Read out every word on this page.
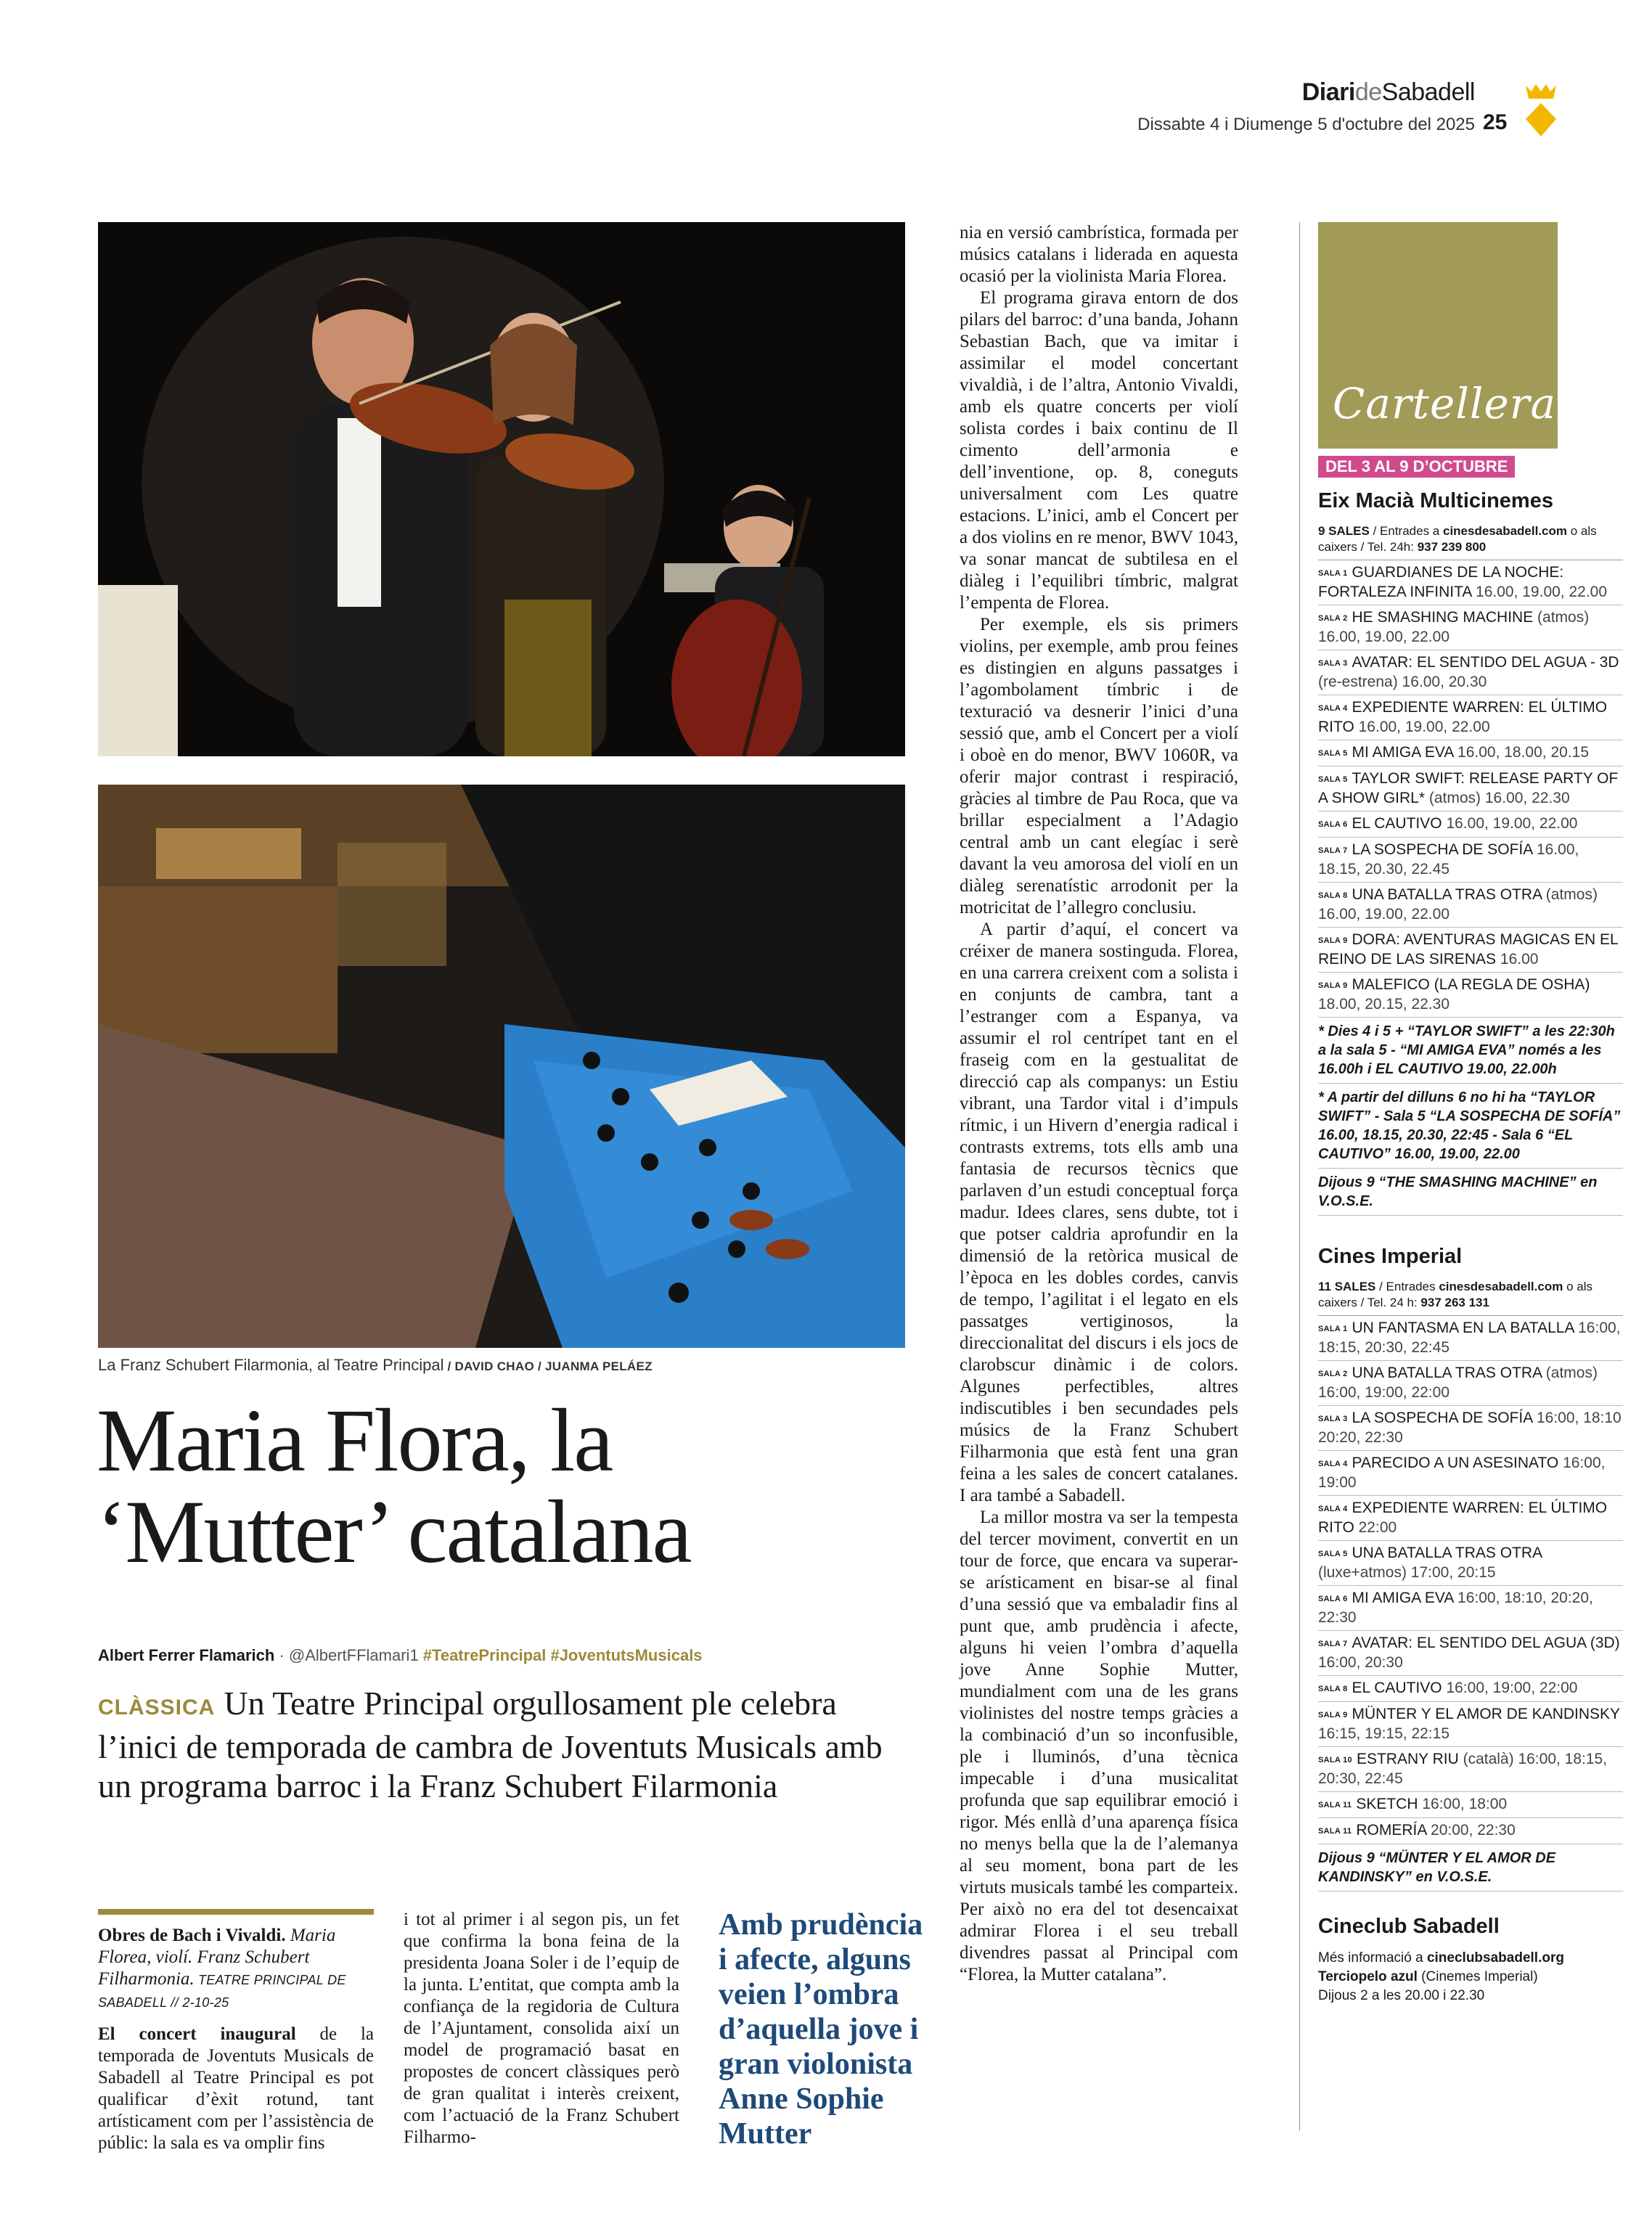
DiarideSabadell
Dissabte 4 i Diumenge 5 d'octubre del 2025 25
La Franz Schubert Filarmonia, al Teatre Principal / DAVID CHAO / JUANMA PELÁEZ
Maria Flora, la
‘Mutter’ catalana
Albert Ferrer Flamarich · @AlbertFFlamari1 #TeatrePrincipal #JoventutsMusicals
CLÀSSICA Un Teatre Principal orgullosament ple celebra l’inici de temporada de cambra de Joventuts Musicals amb un programa barroc i la Franz Schubert Filarmonia
Obres de Bach i Vivaldi. Maria Florea, violí. Franz Schubert Filharmonia. TEATRE PRINCIPAL DE SABADELL // 2-10-25

El concert inaugural de la temporada de Joventuts Musicals de Sabadell al Teatre Principal es pot qualificar d’èxit rotund, tant artísticament com per l’assistència de públic: la sala es va omplir fins

i tot al primer i al segon pis, un fet que confirma la bona feina de la presidenta Joana Soler i de l’equip de la junta. L’entitat, que compta amb la confiança de la regidoria de Cultura de l’Ajuntament, consolida així un model de programació basat en propostes de concert clàssiques però de gran qualitat i interès creixent, com l’actuació de la Franz Schubert Filharmo-

Amb prudència i afecte, alguns veien l’ombra d’aquella jove i gran violonista Anne Sophie Mutter

nia en versió cambrística, formada per músics catalans i liderada en aquesta ocasió per la violinista Maria Florea.

El programa girava entorn de dos pilars del barroc: d’una banda, Johann Sebastian Bach, que va imitar i assimilar el model concertant vivaldià, i de l’altra, Antonio Vivaldi, amb els quatre concerts per violí solista cordes i baix continu de Il cimento dell’armonia e dell’inventione, op. 8, coneguts universalment com Les quatre estacions. L’inici, amb el Concert per a dos violins en re menor, BWV 1043, va sonar mancat de subtilesa en el diàleg i l’equilibri tímbric, malgrat l’empenta de Florea.

Per exemple, els sis primers violins, per exemple, amb prou feines es distingien en alguns passatges i l’agombolament tímbric i de texturació va desnerir l’inici d’una sessió que, amb el Concert per a violí i oboè en do menor, BWV 1060R, va oferir major contrast i respiració, gràcies al timbre de Pau Roca, que va brillar especialment a l’Adagio central amb un cant elegíac i serè davant la veu amorosa del violí en un diàleg serenatístic arrodonit per la motricitat de l’allegro conclusiu.

A partir d’aquí, el concert va créixer de manera sostinguda. Florea, en una carrera creixent com a solista i en conjunts de cambra, tant a l’estranger com a Espanya, va assumir el rol centrípet tant en el fraseig com en la gestualitat de direcció cap als companys: un Estiu vibrant, una Tardor vital i d’impuls rítmic, i un Hivern d’energia radical i contrasts extrems, tots ells amb una fantasia de recursos tècnics que parlaven d’un estudi conceptual força madur. Idees clares, sens dubte, tot i que potser caldria aprofundir en la dimensió de la retòrica musical de l’època en les dobles cordes, canvis de tempo, l’agilitat i el legato en els passatges vertiginosos, la direccionalitat del discurs i els jocs de clarobscur dinàmic i de colors. Algunes perfectibles, altres indiscutibles i ben secundades pels músics de la Franz Schubert Filharmonia que està fent una gran feina a les sales de concert catalanes. I ara també a Sabadell.

La millor mostra va ser la tempesta del tercer moviment, convertit en un tour de force, que encara va superar-se arísticament en bisar-se al final d’una sessió que va embaladir fins al punt que, amb prudència i afecte, alguns hi veien l’ombra d’aquella jove Anne Sophie Mutter, mundialment com una de les grans violinistes del nostre temps gràcies a la combinació d’un so inconfusible, ple i lluminós, d’una tècnica impecable i d’una musicalitat profunda que sap equilibrar emoció i rigor. Més enllà d’una aparença física no menys bella que la de l’alemanya al seu moment, bona part de les virtuts musicals també les comparteix. Per això no era del tot desencaixat admirar Florea i el seu treball divendres passat al Principal com “Florea, la Mutter catalana”.

Cartellera
DEL 3 AL 9 D’OCTUBRE
Eix Macià Multicinemes
9 SALES / Entrades a cinesdesabadell.com o als caixers / Tel. 24h: 937 239 800
SALA 1 GUARDIANES DE LA NOCHE: FORTALEZA INFINITA 16.00, 19.00, 22.00
SALA 2 HE SMASHING MACHINE (atmos) 16.00, 19.00, 22.00
SALA 3 AVATAR: EL SENTIDO DEL AGUA - 3D (re-estrena) 16.00, 20.30
SALA 4 EXPEDIENTE WARREN: EL ÚLTIMO RITO 16.00, 19.00, 22.00
SALA 5 MI AMIGA EVA 16.00, 18.00, 20.15
SALA 5 TAYLOR SWIFT: RELEASE PARTY OF A SHOW GIRL* (atmos) 16.00, 22.30
SALA 6 EL CAUTIVO 16.00, 19.00, 22.00
SALA 7 LA SOSPECHA DE SOFÍA 16.00, 18.15, 20.30, 22.45
SALA 8 UNA BATALLA TRAS OTRA (atmos) 16.00, 19.00, 22.00
SALA 9 DORA: AVENTURAS MAGICAS EN EL REINO DE LAS SIRENAS 16.00
SALA 9 MALEFICO (LA REGLA DE OSHA) 18.00, 20.15, 22.30
* Dies 4 i 5 + “TAYLOR SWIFT” a les 22:30h a la sala 5 - “MI AMIGA EVA” només a les 16.00h i EL CAUTIVO 19.00, 22.00h
* A partir del dilluns 6 no hi ha “TAYLOR SWIFT” - Sala 5 “LA SOSPECHA DE SOFÍA” 16.00, 18.15, 20.30, 22:45 - Sala 6 “EL CAUTIVO” 16.00, 19.00, 22.00
Dijous 9 “THE SMASHING MACHINE” en V.O.S.E.
Cines Imperial
11 SALES / Entrades cinesdesabadell.com o als caixers / Tel. 24 h: 937 263 131
SALA 1 UN FANTASMA EN LA BATALLA 16:00, 18:15, 20:30, 22:45
SALA 2 UNA BATALLA TRAS OTRA (atmos) 16:00, 19:00, 22:00
SALA 3 LA SOSPECHA DE SOFÍA 16:00, 18:10 20:20, 22:30
SALA 4 PARECIDO A UN ASESINATO 16:00, 19:00
SALA 4 EXPEDIENTE WARREN: EL ÚLTIMO RITO 22:00
SALA 5 UNA BATALLA TRAS OTRA (luxe+atmos) 17:00, 20:15
SALA 6 MI AMIGA EVA 16:00, 18:10, 20:20, 22:30
SALA 7 AVATAR: EL SENTIDO DEL AGUA (3D) 16:00, 20:30
SALA 8 EL CAUTIVO 16:00, 19:00, 22:00
SALA 9 MÜNTER Y EL AMOR DE KANDINSKY 16:15, 19:15, 22:15
SALA 10 ESTRANY RIU (català) 16:00, 18:15, 20:30, 22:45
SALA 11 SKETCH 16:00, 18:00
SALA 11 ROMERÍA 20:00, 22:30
Dijous 9 “MÜNTER Y EL AMOR DE KANDINSKY” en V.O.S.E.
Cineclub Sabadell
Més informació a cineclubsabadell.org
Terciopelo azul (Cinemes Imperial)
Dijous 2 a les 20.00 i 22.30
